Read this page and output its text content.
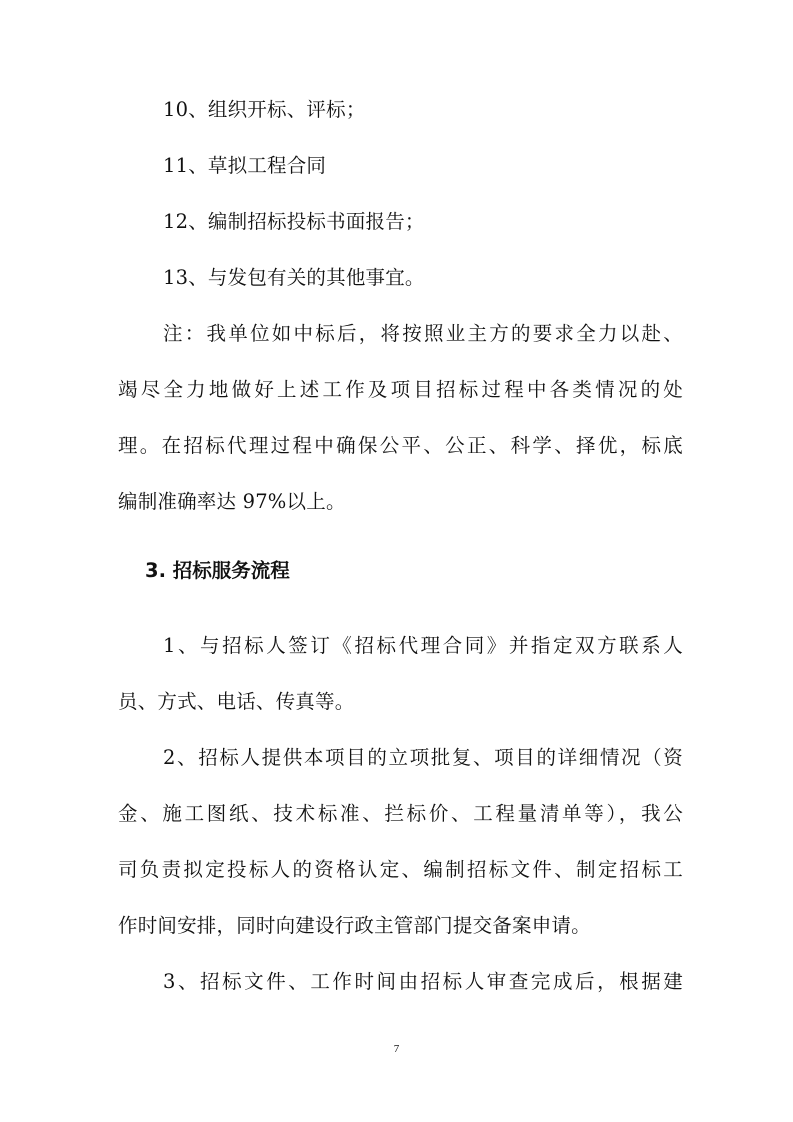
10、组织开标、评标；
11、草拟工程合同
12、编制招标投标书面报告；
13、与发包有关的其他事宜。
注：我单位如中标后，将按照业主方的要求全力以赴、
竭尽全力地做好上述工作及项目招标过程中各类情况的处
理。在招标代理过程中确保公平、公正、科学、择优，标底
编制准确率达 97%以上。
3. 招标服务流程
1、与招标人签订《招标代理合同》并指定双方联系人
员、方式、电话、传真等。
2、招标人提供本项目的立项批复、项目的详细情况（资
金、施工图纸、技术标准、拦标价、工程量清单等），我公
司负责拟定投标人的资格认定、编制招标文件、制定招标工
作时间安排，同时向建设行政主管部门提交备案申请。
3、招标文件、工作时间由招标人审查完成后，根据建
7
